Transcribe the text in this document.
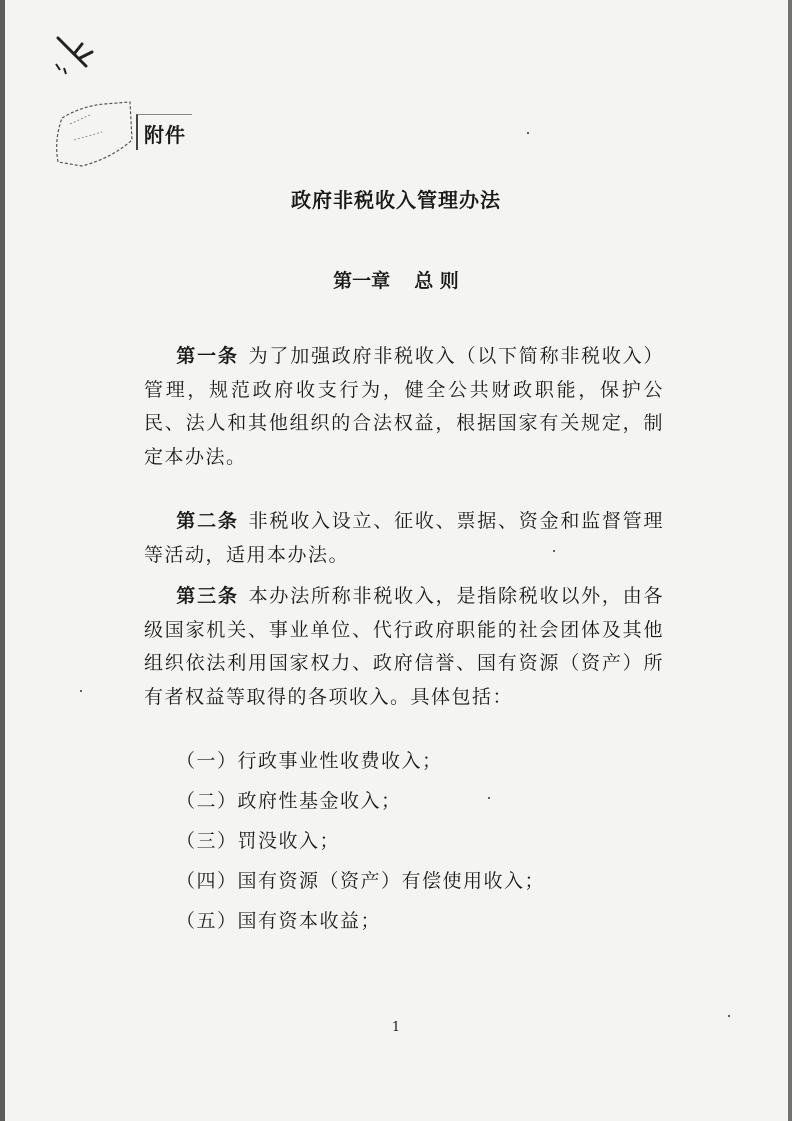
附件
政府非税收入管理办法
第一章 总 则
第一条 为了加强政府非税收入（以下简称非税收入）管理，规范政府收支行为，健全公共财政职能，保护公民、法人和其他组织的合法权益，根据国家有关规定，制定本办法。
第二条 非税收入设立、征收、票据、资金和监督管理等活动，适用本办法。
第三条 本办法所称非税收入，是指除税收以外，由各级国家机关、事业单位、代行政府职能的社会团体及其他组织依法利用国家权力、政府信誉、国有资源（资产）所有者权益等取得的各项收入。具体包括：
（一）行政事业性收费收入；
（二）政府性基金收入；
（三）罚没收入；
（四）国有资源（资产）有偿使用收入；
（五）国有资本收益；
1
